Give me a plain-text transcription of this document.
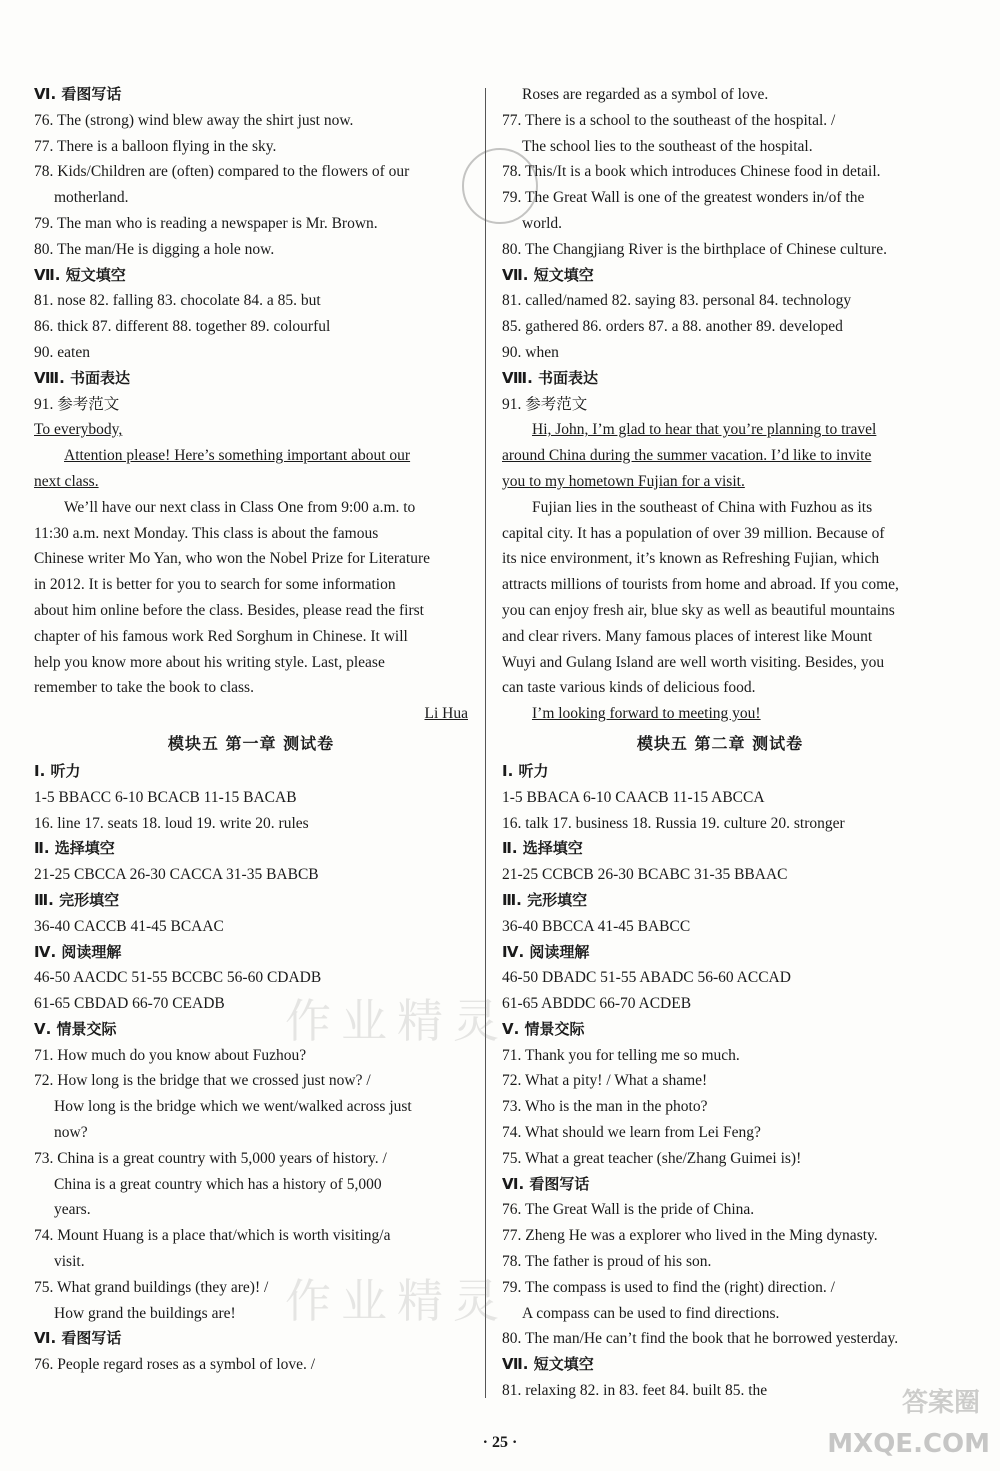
Ⅵ. 看图写话
76. The (strong) wind blew away the shirt just now.
77. There is a balloon flying in the sky.
78. Kids/Children are (often) compared to the flowers of our
motherland.
79. The man who is reading a newspaper is Mr. Brown.
80. The man/He is digging a hole now.
Ⅶ. 短文填空
81. nose 82. falling 83. chocolate 84. a 85. but
86. thick 87. different 88. together 89. colourful
90. eaten
Ⅷ. 书面表达
91. 参考范文
To everybody,
Attention please! Here’s something important about our
next class.
We’ll have our next class in Class One from 9:00 a.m. to
11:30 a.m. next Monday. This class is about the famous
Chinese writer Mo Yan, who won the Nobel Prize for Literature
in 2012. It is better for you to search for some information
about him online before the class. Besides, please read the first
chapter of his famous work Red Sorghum in Chinese. It will
help you know more about his writing style. Last, please
remember to take the book to class.
Li Hua
模块五 第一章 测试卷
Ⅰ. 听力
1-5 BBACC 6-10 BCACB 11-15 BACAB
16. line 17. seats 18. loud 19. write 20. rules
Ⅱ. 选择填空
21-25 CBCCA 26-30 CACCA 31-35 BABCB
Ⅲ. 完形填空
36-40 CACCB 41-45 BCAAC
Ⅳ. 阅读理解
46-50 AACDC 51-55 BCCBC 56-60 CDADB
61-65 CBDAD 66-70 CEADB
Ⅴ. 情景交际
71. How much do you know about Fuzhou?
72. How long is the bridge that we crossed just now? /
How long is the bridge which we went/walked across just
now?
73. China is a great country with 5,000 years of history. /
China is a great country which has a history of 5,000
years.
74. Mount Huang is a place that/which is worth visiting/a
visit.
75. What grand buildings (they are)! /
How grand the buildings are!
Ⅵ. 看图写话
76. People regard roses as a symbol of love. /
Roses are regarded as a symbol of love.
77. There is a school to the southeast of the hospital. /
The school lies to the southeast of the hospital.
78. This/It is a book which introduces Chinese food in detail.
79. The Great Wall is one of the greatest wonders in/of the
world.
80. The Changjiang River is the birthplace of Chinese culture.
Ⅶ. 短文填空
81. called/named 82. saying 83. personal 84. technology
85. gathered 86. orders 87. a 88. another 89. developed
90. when
Ⅷ. 书面表达
91. 参考范文
Hi, John, I’m glad to hear that you’re planning to travel
around China during the summer vacation. I’d like to invite
you to my hometown Fujian for a visit.
Fujian lies in the southeast of China with Fuzhou as its
capital city. It has a population of over 39 million. Because of
its nice environment, it’s known as Refreshing Fujian, which
attracts millions of tourists from home and abroad. If you come,
you can enjoy fresh air, blue sky as well as beautiful mountains
and clear rivers. Many famous places of interest like Mount
Wuyi and Gulang Island are well worth visiting. Besides, you
can taste various kinds of delicious food.
I’m looking forward to meeting you!
模块五 第二章 测试卷
Ⅰ. 听力
1-5 BBACA 6-10 CAACB 11-15 ABCCA
16. talk 17. business 18. Russia 19. culture 20. stronger
Ⅱ. 选择填空
21-25 CCBCB 26-30 BCABC 31-35 BBAAC
Ⅲ. 完形填空
36-40 BBCCA 41-45 BABCC
Ⅳ. 阅读理解
46-50 DBADC 51-55 ABADC 56-60 ACCAD
61-65 ABDDC 66-70 ACDEB
Ⅴ. 情景交际
71. Thank you for telling me so much.
72. What a pity! / What a shame!
73. Who is the man in the photo?
74. What should we learn from Lei Feng?
75. What a great teacher (she/Zhang Guimei is)!
Ⅵ. 看图写话
76. The Great Wall is the pride of China.
77. Zheng He was a explorer who lived in the Ming dynasty.
78. The father is proud of his son.
79. The compass is used to find the (right) direction. /
A compass can be used to find directions.
80. The man/He can’t find the book that he borrowed yesterday.
Ⅶ. 短文填空
81. relaxing 82. in 83. feet 84. built 85. the
作业精灵
作业精灵
答案圈
MXQE.COM
· 25 ·
